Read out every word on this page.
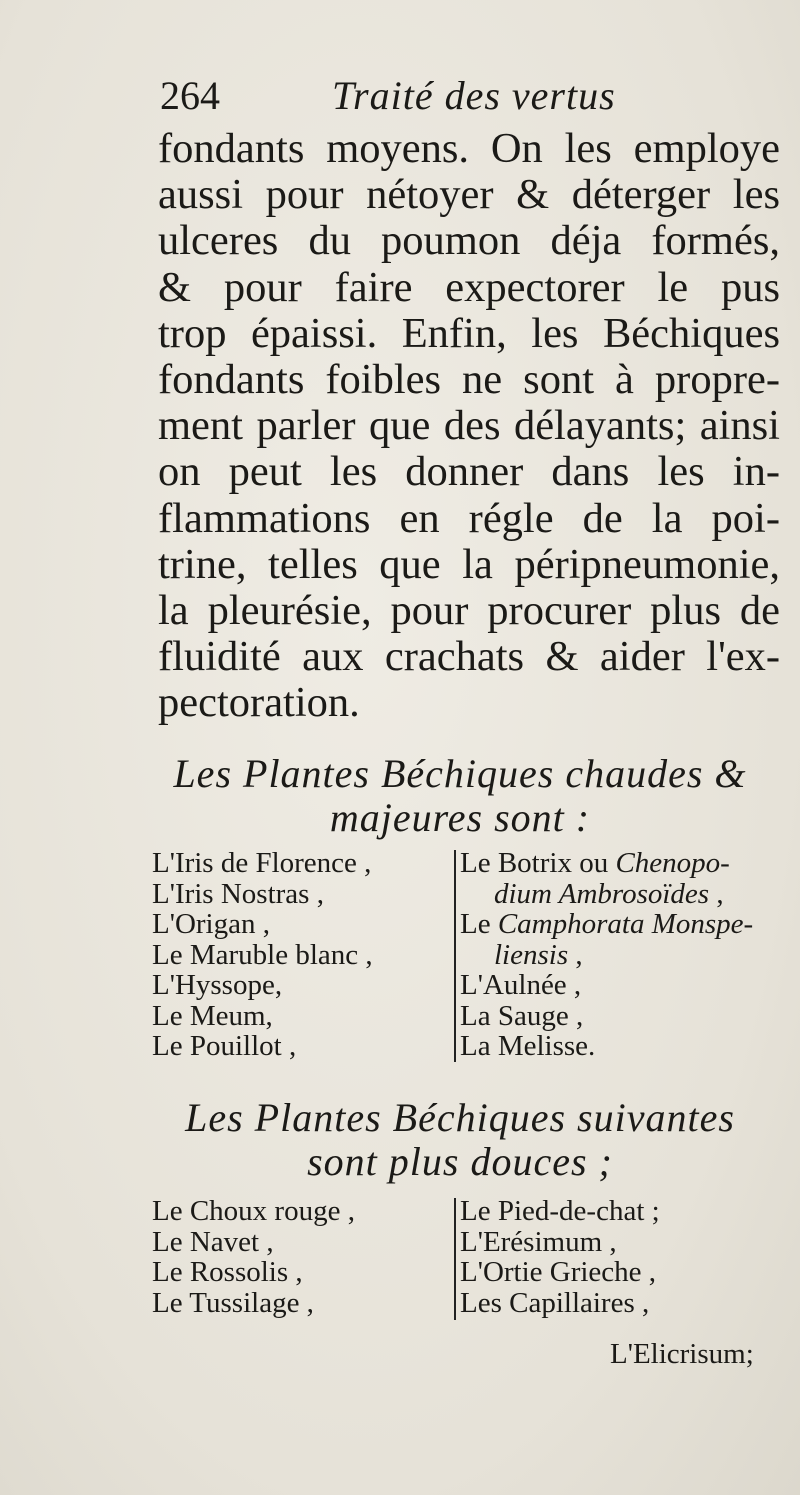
264	Traité des vertus
fondants moyens. On les employe
aussi pour nétoyer & déterger les
ulceres du poumon déja formés,
& pour faire expectorer le pus
trop épaissi. Enfin, les Béchiques
fondants foibles ne sont à propre-
ment parler que des délayants; ainsi
on peut les donner dans les in-
flammations en régle de la poi-
trine, telles que la péripneumonie,
la pleurésie, pour procurer plus de
fluidité aux crachats & aider l'ex-
pectoration.
Les Plantes Béchiques chaudes &
majeures sont :
L'Iris de Florence ,
L'Iris Nostras ,
L'Origan ,
Le Maruble blanc ,
L'Hyssope,
Le Meum,
Le Pouillot ,
Le Botrix ou Chenopo-
dium Ambrosoïdes ,
Le Camphorata Monspe-
liensis ,
L'Aulnée ,
La Sauge ,
La Melisse.
Les Plantes Béchiques suivantes
sont plus douces ;
Le Choux rouge ,
Le Navet ,
Le Rossolis ,
Le Tussilage ,
Le Pied-de-chat ;
L'Erésimum ,
L'Ortie Grieche ,
Les Capillaires ,
L'Elicrisum;
